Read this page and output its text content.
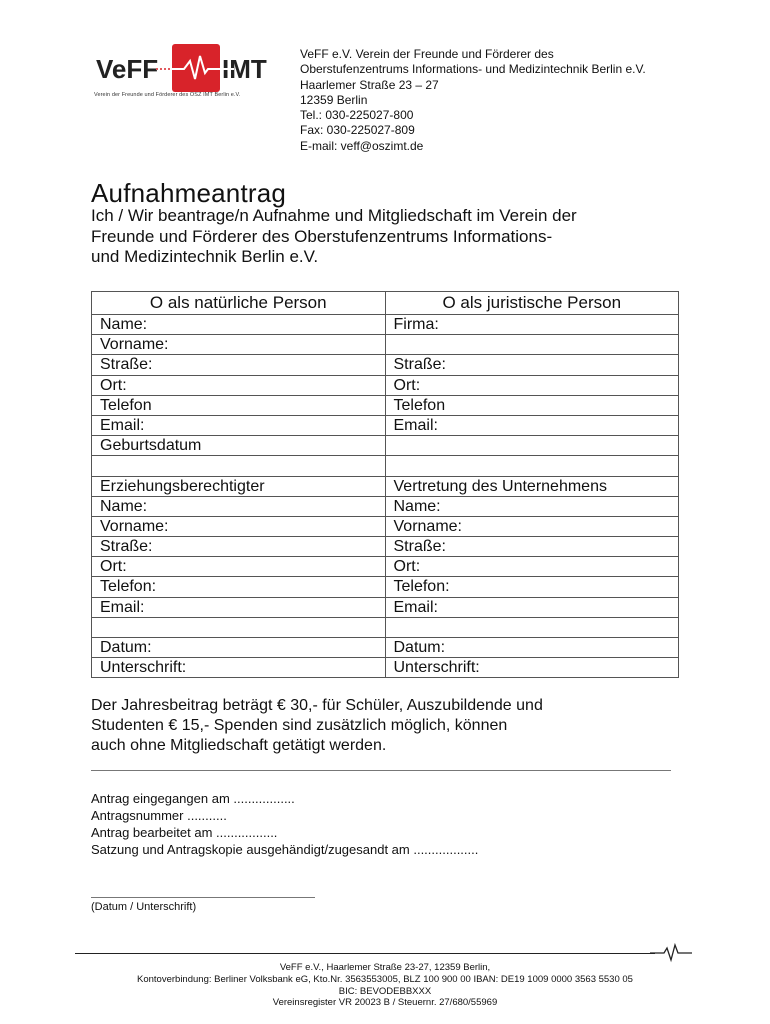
VeFF IMT
Verein der Freunde und Förderer des OSZ IMT Berlin e.V.
VeFF e.V. Verein der Freunde und Förderer des
Oberstufenzentrums Informations- und Medizintechnik Berlin e.V.
Haarlemer Straße 23 – 27
12359 Berlin
Tel.: 030-225027-800
Fax: 030-225027-809
E-mail: veff@oszimt.de
Aufnahmeantrag
Ich / Wir beantrage/n Aufnahme und Mitgliedschaft im Verein der
Freunde und Förderer des Oberstufenzentrums Informations-
und Medizintechnik Berlin e.V.
O als natürliche Person	O als juristische Person
Name:	Firma:
Vorname:	
Straße:	Straße:
Ort:	Ort:
Telefon	Telefon
Email:	Email:
Geburtsdatum	

Erziehungsberechtigter	Vertretung des Unternehmens
Name:	Name:
Vorname:	Vorname:
Straße:	Straße:
Ort:	Ort:
Telefon:	Telefon:
Email:	Email:

Datum:	Datum:
Unterschrift:	Unterschrift:
Der Jahresbeitrag beträgt € 30,- für Schüler, Auszubildende und
Studenten € 15,- Spenden sind zusätzlich möglich, können
auch ohne Mitgliedschaft getätigt werden.
Antrag eingegangen am .................
Antragsnummer ...........
Antrag bearbeitet am .................
Satzung und Antragskopie ausgehändigt/zugesandt am ..................
(Datum / Unterschrift)
VeFF e.V., Haarlemer Straße 23-27, 12359 Berlin,
Kontoverbindung: Berliner Volksbank eG, Kto.Nr. 3563553005, BLZ 100 900 00 IBAN: DE19 1009 0000 3563 5530 05
BIC: BEVODEBBXXX
Vereinsregister VR 20023 B / Steuernr. 27/680/55969
